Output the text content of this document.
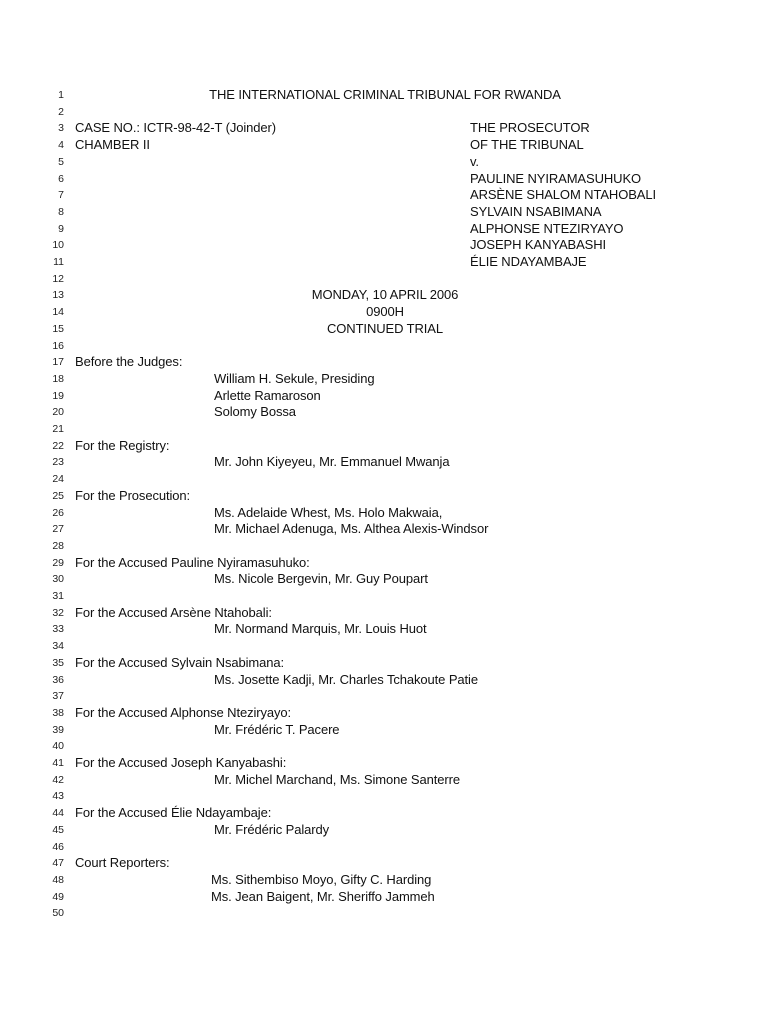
1	THE INTERNATIONAL CRIMINAL TRIBUNAL FOR RWANDA
2
3 CASE NO.: ICTR-98-42-T (Joinder)	THE PROSECUTOR
4 CHAMBER II	OF THE TRIBUNAL
5	v.
6	PAULINE NYIRAMASUHUKO
7	ARSÈNE SHALOM NTAHOBALI
8	SYLVAIN NSABIMANA
9	ALPHONSE NTEZIRYAYO
10	JOSEPH KANYABASHI
11	ÉLIE NDAYAMBAJE
12
13	MONDAY, 10 APRIL 2006
14	0900H
15	CONTINUED TRIAL
16
17 Before the Judges:
18	William H. Sekule, Presiding
19	Arlette Ramaroson
20	Solomy Bossa
21
22 For the Registry:
23	Mr. John Kiyeyeu, Mr. Emmanuel Mwanja
24
25 For the Prosecution:
26	Ms. Adelaide Whest, Ms. Holo Makwaia,
27	Mr. Michael Adenuga, Ms. Althea Alexis-Windsor
28
29 For the Accused Pauline Nyiramasuhuko:
30	Ms. Nicole Bergevin, Mr. Guy Poupart
31
32 For the Accused Arsène Ntahobali:
33	Mr. Normand Marquis, Mr. Louis Huot
34
35 For the Accused Sylvain Nsabimana:
36	Ms. Josette Kadji, Mr. Charles Tchakoute Patie
37
38 For the Accused Alphonse Nteziryayo:
39	Mr. Frédéric T. Pacere
40
41 For the Accused Joseph Kanyabashi:
42	Mr. Michel Marchand, Ms. Simone Santerre
43
44 For the Accused Élie Ndayambaje:
45	Mr. Frédéric Palardy
46
47 Court Reporters:
48	Ms. Sithembiso Moyo, Gifty C. Harding
49	Ms. Jean Baigent, Mr. Sheriffo Jammeh
50
